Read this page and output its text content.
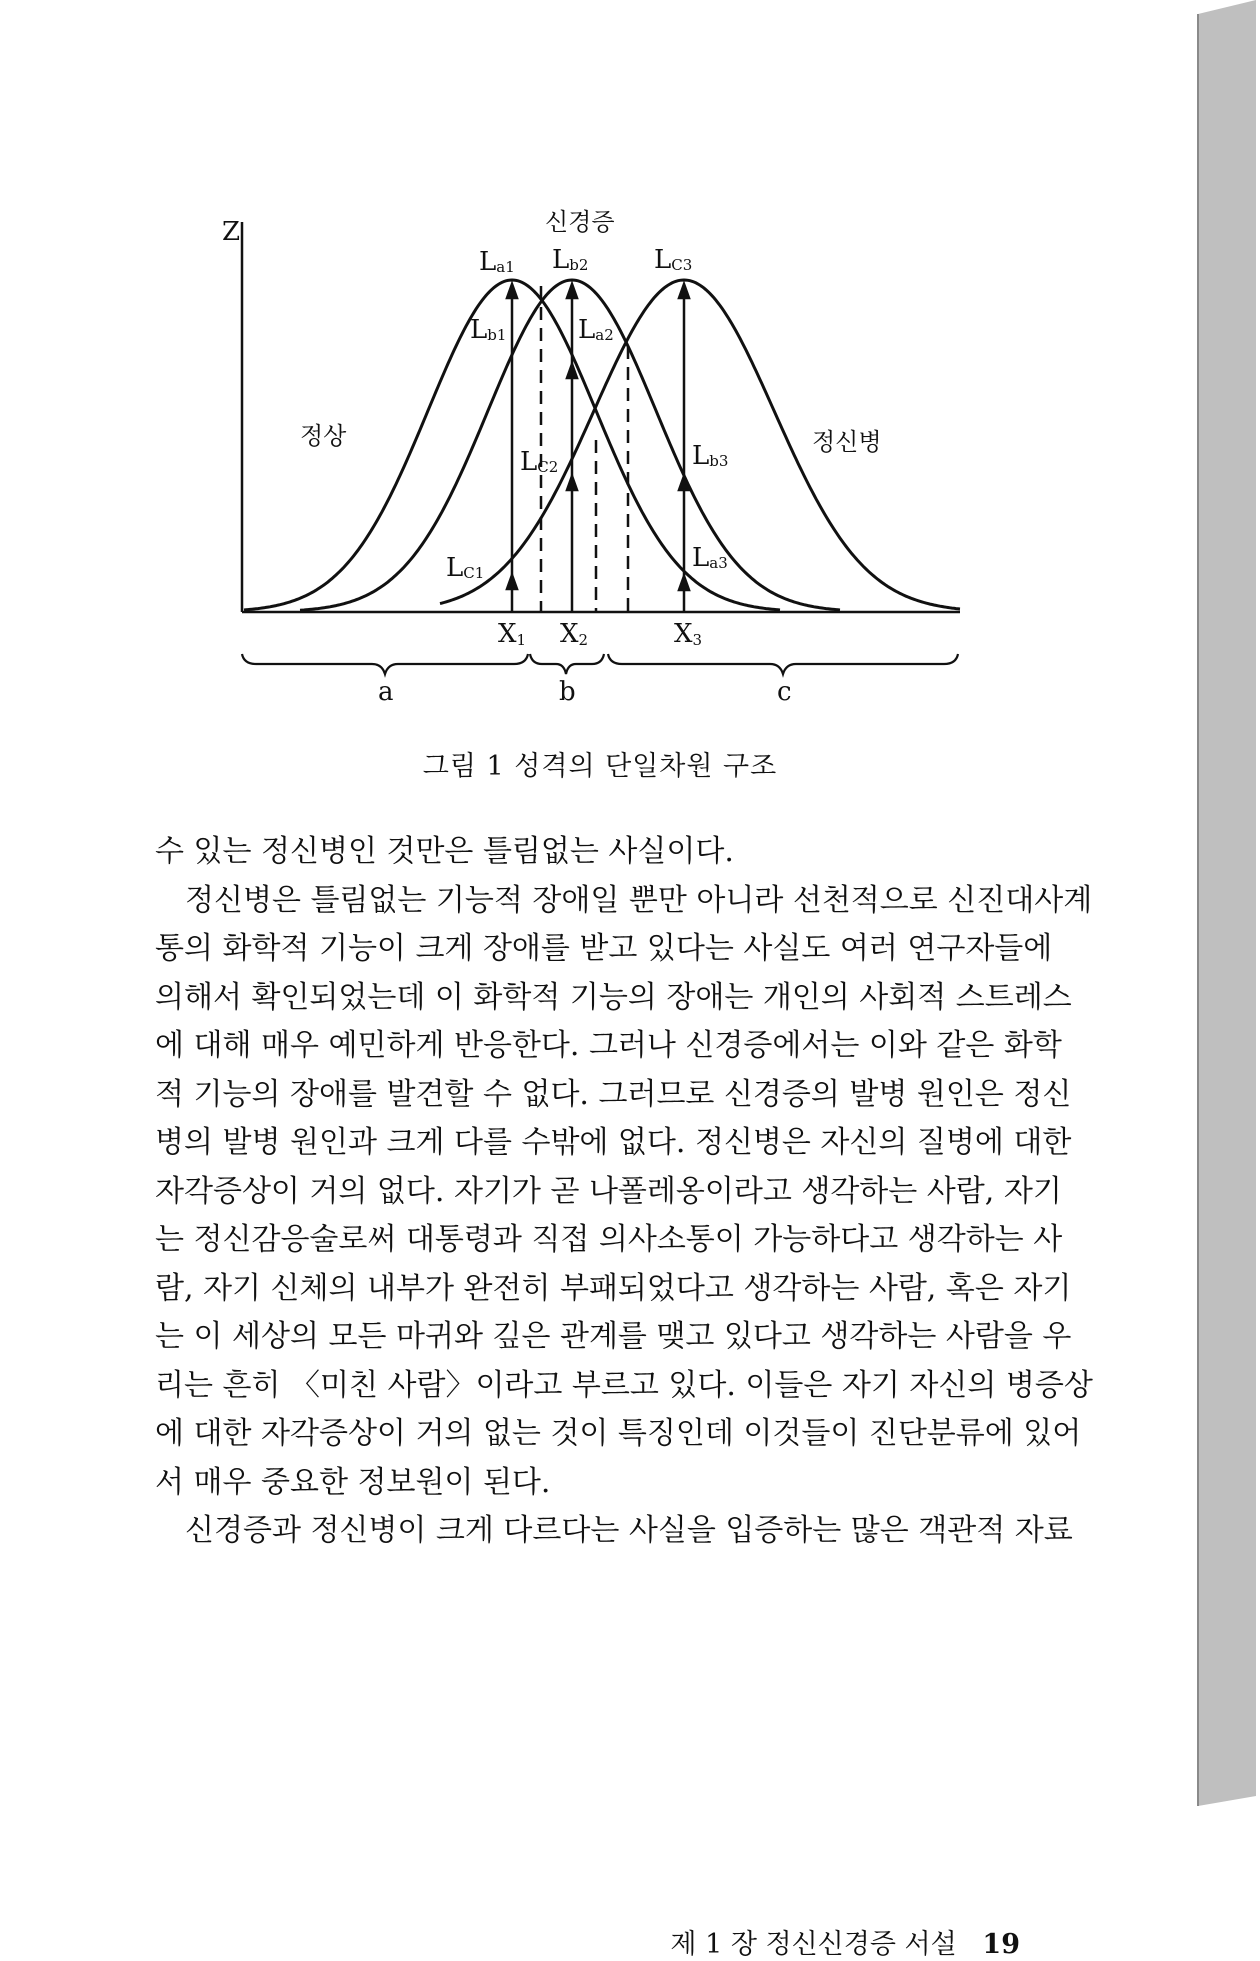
Z	신경증
정상	정신병
La1 Lb2	LC3
Lb1	La2
LC2	Lb3
LC1	La3
X1 X2	X3
a	b	c
그림 1 성격의 단일차원 구조
수 있는 정신병인 것만은 틀림없는 사실이다.
정신병은 틀림없는 기능적 장애일 뿐만 아니라 선천적으로 신진대사계
통의 화학적 기능이 크게 장애를 받고 있다는 사실도 여러 연구자들에
의해서 확인되었는데 이 화학적 기능의 장애는 개인의 사회적 스트레스
에 대해 매우 예민하게 반응한다. 그러나 신경증에서는 이와 같은 화학
적 기능의 장애를 발견할 수 없다. 그러므로 신경증의 발병 원인은 정신
병의 발병 원인과 크게 다를 수밖에 없다. 정신병은 자신의 질병에 대한
자각증상이 거의 없다. 자기가 곧 나폴레옹이라고 생각하는 사람, 자기
는 정신감응술로써 대통령과 직접 의사소통이 가능하다고 생각하는 사
람, 자기 신체의 내부가 완전히 부패되었다고 생각하는 사람, 혹은 자기
는 이 세상의 모든 마귀와 깊은 관계를 맺고 있다고 생각하는 사람을 우
리는 흔히 〈미친 사람〉이라고 부르고 있다. 이들은 자기 자신의 병증상
에 대한 자각증상이 거의 없는 것이 특징인데 이것들이 진단분류에 있어
서 매우 중요한 정보원이 된다.
신경증과 정신병이 크게 다르다는 사실을 입증하는 많은 객관적 자료
제 1 장 정신신경증 서설 19
